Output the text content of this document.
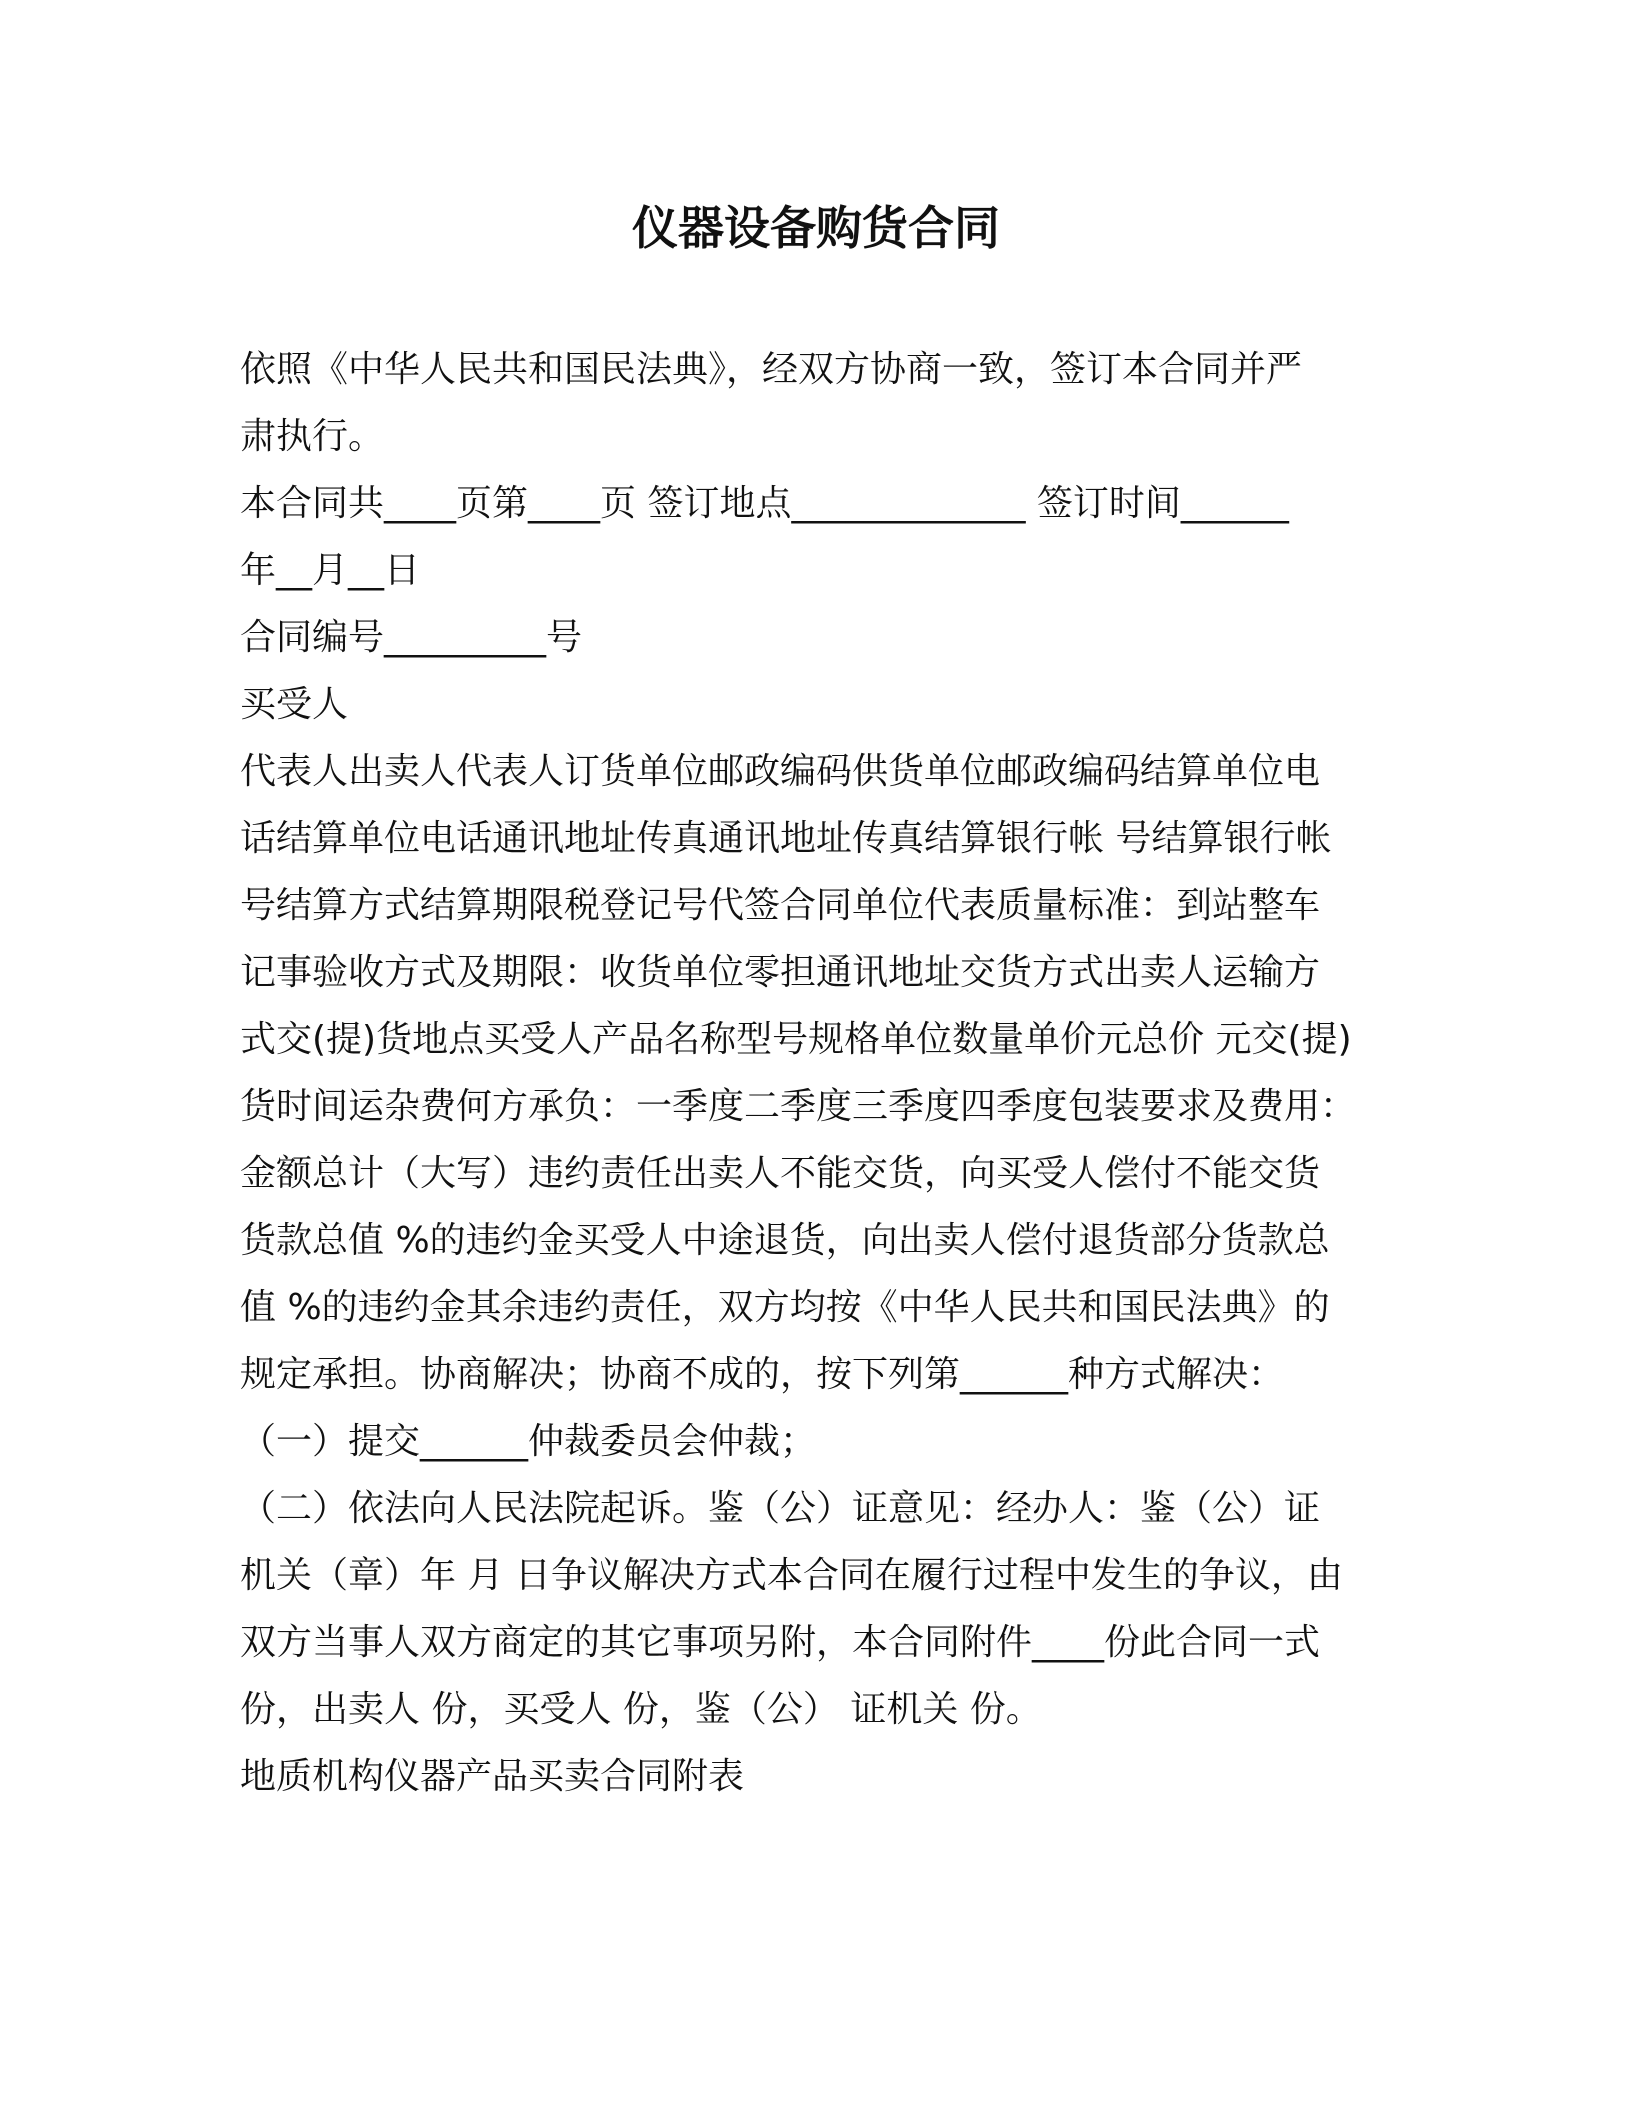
仪器设备购货合同
依照《中华人民共和国民法典》，经双方协商一致，签订本合同并严
肃执行。
本合同共____页第____页 签订地点_____________ 签订时间______
年__月__日
合同编号_________号
买受人
代表人出卖人代表人订货单位邮政编码供货单位邮政编码结算单位电
话结算单位电话通讯地址传真通讯地址传真结算银行帐 号结算银行帐
号结算方式结算期限税登记号代签合同单位代表质量标准：到站整车
记事验收方式及期限：收货单位零担通讯地址交货方式出卖人运输方
式交(提)货地点买受人产品名称型号规格单位数量单价元总价 元交(提)
货时间运杂费何方承负：一季度二季度三季度四季度包装要求及费用：
金额总计（大写）违约责任出卖人不能交货，向买受人偿付不能交货
货款总值 %的违约金买受人中途退货，向出卖人偿付退货部分货款总
值 %的违约金其余违约责任，双方均按《中华人民共和国民法典》的
规定承担。协商解决；协商不成的，按下列第______种方式解决：
（一）提交______仲裁委员会仲裁；
（二）依法向人民法院起诉。鉴（公）证意见：经办人：鉴（公）证
机关（章）年 月 日争议解决方式本合同在履行过程中发生的争议，由
双方当事人双方商定的其它事项另附，本合同附件____份此合同一式
份，出卖人 份，买受人 份，鉴（公） 证机关 份。
地质机构仪器产品买卖合同附表
